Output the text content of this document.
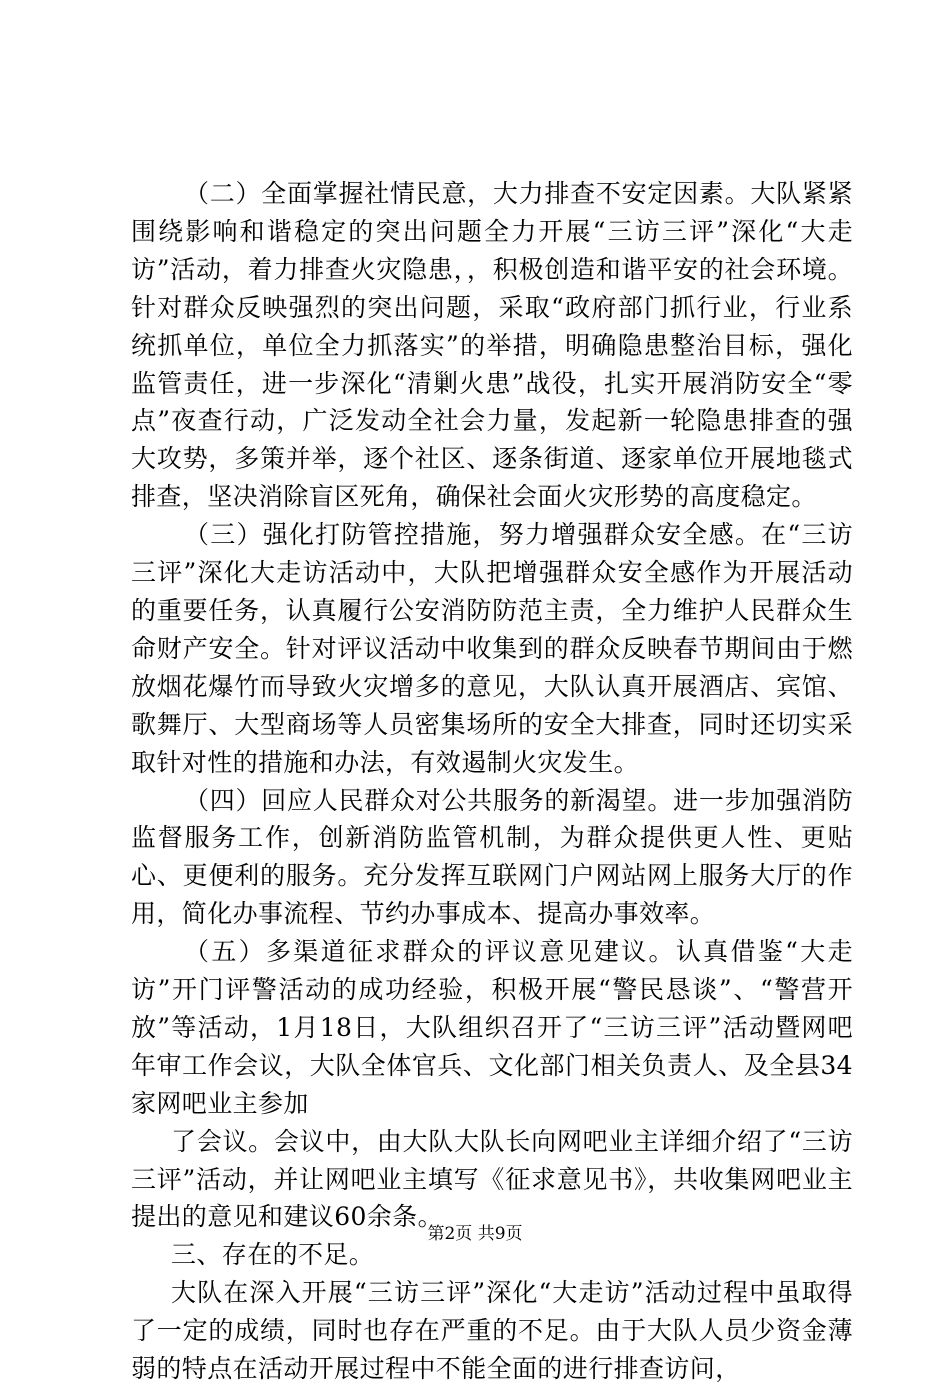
（二）全面掌握社情民意，大力排查不安定因素。大队紧紧围绕影响和谐稳定的突出问题全力开展“三访三评”深化“大走访”活动，着力排查火灾隐患，，积极创造和谐平安的社会环境。针对群众反映强烈的突出问题，采取“政府部门抓行业，行业系统抓单位，单位全力抓落实”的举措，明确隐患整治目标，强化监管责任，进一步深化“清剿火患”战役，扎实开展消防安全“零点”夜查行动，广泛发动全社会力量，发起新一轮隐患排查的强大攻势，多策并举，逐个社区、逐条街道、逐家单位开展地毯式排查，坚决消除盲区死角，确保社会面火灾形势的高度稳定。

（三）强化打防管控措施，努力增强群众安全感。在“三访三评”深化大走访活动中，大队把增强群众安全感作为开展活动的重要任务，认真履行公安消防防范主责，全力维护人民群众生命财产安全。针对评议活动中收集到的群众反映春节期间由于燃放烟花爆竹而导致火灾增多的意见，大队认真开展酒店、宾馆、歌舞厅、大型商场等人员密集场所的安全大排查，同时还切实采取针对性的措施和办法，有效遏制火灾发生。

（四）回应人民群众对公共服务的新渴望。进一步加强消防监督服务工作，创新消防监管机制，为群众提供更人性、更贴心、更便利的服务。充分发挥互联网门户网站网上服务大厅的作用，简化办事流程、节约办事成本、提高办事效率。

（五）多渠道征求群众的评议意见建议。认真借鉴“大走访”开门评警活动的成功经验，积极开展“警民恳谈”、“警营开放”等活动，1月18日，大队组织召开了“三访三评”活动暨网吧年审工作会议，大队全体官兵、文化部门相关负责人、及全县34家网吧业主参加

了会议。会议中，由大队大队长向网吧业主详细介绍了“三访三评”活动，并让网吧业主填写《征求意见书》，共收集网吧业主提出的意见和建议60余条。

三、存在的不足。

大队在深入开展“三访三评”深化“大走访”活动过程中虽取得了一定的成绩，同时也存在严重的不足。由于大队人员少资金薄弱的特点在活动开展过程中不能全面的进行排查访问，

第2页 共9页
